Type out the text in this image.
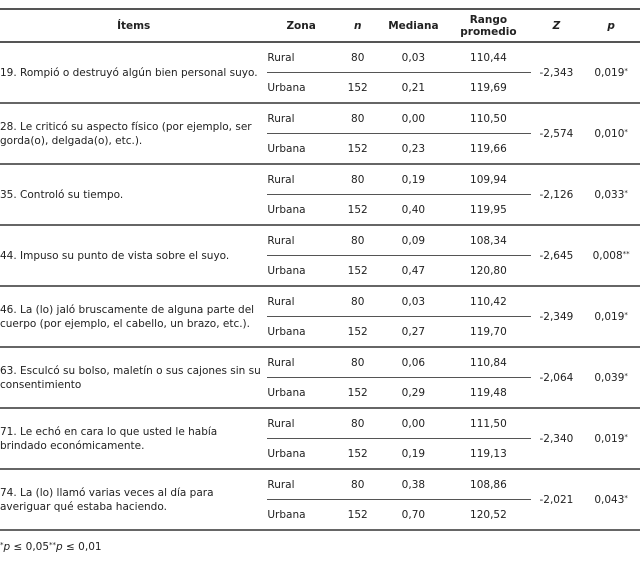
Ítems	Zona	n	Mediana	Rango promedio	Z	p
19. Rompió o destruyó algún bien personal suyo.	Rural	80	0,03	110,44	-2,343	0,019*
	Urbana	152	0,21	119,69		
28. Le criticó su aspecto físico (por ejemplo, ser gorda(o), delgada(o), etc.).	Rural	80	0,00	110,50	-2,574	0,010*
	Urbana	152	0,23	119,66		
35. Controló su tiempo.	Rural	80	0,19	109,94	-2,126	0,033*
	Urbana	152	0,40	119,95		
44. Impuso su punto de vista sobre el suyo.	Rural	80	0,09	108,34	-2,645	0,008**
	Urbana	152	0,47	120,80		
46. La (lo) jaló bruscamente de alguna parte del cuerpo (por ejemplo, el cabello, un brazo, etc.).	Rural	80	0,03	110,42	-2,349	0,019*
	Urbana	152	0,27	119,70		
63. Esculcó su bolso, maletín o sus cajones sin su consentimiento	Rural	80	0,06	110,84	-2,064	0,039*
	Urbana	152	0,29	119,48		
71. Le echó en cara lo que usted le había brindado económicamente.	Rural	80	0,00	111,50	-2,340	0,019*
	Urbana	152	0,19	119,13		
74. La (lo) llamó varias veces al día para averiguar qué estaba haciendo.	Rural	80	0,38	108,86	-2,021	0,043*
	Urbana	152	0,70	120,52		
*p ≤ 0,05**p ≤ 0,01
